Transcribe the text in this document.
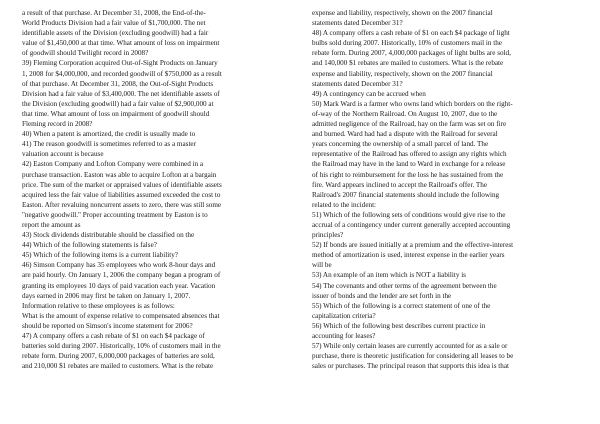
a result of that purchase. At December 31, 2008, the End-of-the-
World Products Division had a fair value of $1,700,000. The net
identifiable assets of the Division (excluding goodwill) had a fair
value of $1,450,000 at that time. What amount of loss on impairment
of goodwill should Twilight record in 2008?
39) Fleming Corporation acquired Out-of-Sight Products on January
1, 2008 for $4,000,000, and recorded goodwill of $750,000 as a result
of that purchase. At December 31, 2008, the Out-of-Sight Products
Division had a fair value of $3,400,000. The net identifiable assets of
the Division (excluding goodwill) had a fair value of $2,900,000 at
that time. What amount of loss on impairment of goodwill should
Fleming record in 2008?
40) When a patent is amortized, the credit is usually made to
41) The reason goodwill is sometimes referred to as a master
valuation account is because
42) Easton Company and Lofton Company were combined in a
purchase transaction. Easton was able to acquire Lofton at a bargain
price. The sum of the market or appraised values of identifiable assets
acquired less the fair value of liabilities assumed exceeded the cost to
Easton. After revaluing noncurrent assets to zero, there was still some
"negative goodwill." Proper accounting treatment by Easton is to
report the amount as
43) Stock dividends distributable should be classified on the
44) Which of the following statements is false?
45) Which of the following items is a current liability?
46) Simson Company has 35 employees who work 8-hour days and
are paid hourly. On January 1, 2006 the company began a program of
granting its employees 10 days of paid vacation each year. Vacation
days earned in 2006 may first be taken on January 1, 2007.
Information relative to these employees is as follows:
What is the amount of expense relative to compensated absences that
should be reported on Simson's income statement for 2006?
47) A company offers a cash rebate of $1 on each $4 package of
batteries sold during 2007. Historically, 10% of customers mail in the
rebate form. During 2007, 6,000,000 packages of batteries are sold,
and 210,000 $1 rebates are mailed to customers. What is the rebate
expense and liability, respectively, shown on the 2007 financial
statements dated December 31?
48) A company offers a cash rebate of $1 on each $4 package of light
bulbs sold during 2007. Historically, 10% of customers mail in the
rebate form. During 2007, 4,000,000 packages of light bulbs are sold,
and 140,000 $1 rebates are mailed to customers. What is the rebate
expense and liability, respectively, shown on the 2007 financial
statements dated December 31?
49) A contingency can be accrued when
50) Mark Ward is a farmer who owns land which borders on the right-
of-way of the Northern Railroad. On August 10, 2007, due to the
admitted negligence of the Railroad, hay on the farm was set on fire
and burned. Ward had had a dispute with the Railroad for several
years concerning the ownership of a small parcel of land. The
representative of the Railroad has offered to assign any rights which
the Railroad may have in the land to Ward in exchange for a release
of his right to reimbursement for the loss he has sustained from the
fire. Ward appears inclined to accept the Railroad's offer. The
Railroad's 2007 financial statements should include the following
related to the incident:
51) Which of the following sets of conditions would give rise to the
accrual of a contingency under current generally accepted accounting
principles?
52) If bonds are issued initially at a premium and the effective-interest
method of amortization is used, interest expense in the earlier years
will be
53) An example of an item which is NOT a liability is
54) The covenants and other terms of the agreement between the
issuer of bonds and the lender are set forth in the
55) Which of the following is a correct statement of one of the
capitalization criteria?
56) Which of the following best describes current practice in
accounting for leases?
57) While only certain leases are currently accounted for as a sale or
purchase, there is theoretic justification for considering all leases to be
sales or purchases. The principal reason that supports this idea is that
